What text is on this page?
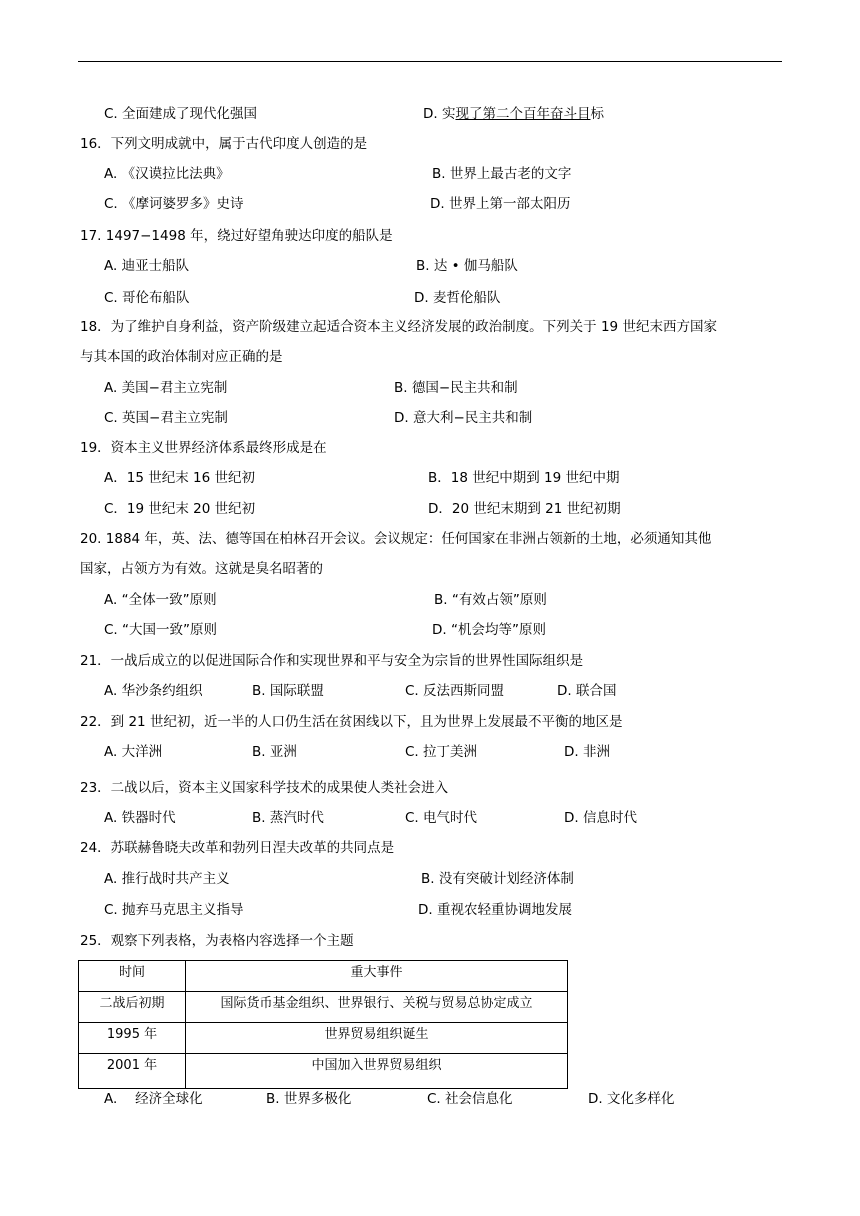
C. 全面建成了现代化强国	D. 实现了第二个百年奋斗目标
16．下列文明成就中，属于古代印度人创造的是
A. 《汉谟拉比法典》	B. 世界上最古老的文字
C. 《摩诃婆罗多》史诗	D. 世界上第一部太阳历
17. 1497−1498 年，绕过好望角驶达印度的船队是
A. 迪亚士船队	B. 达 • 伽马船队
C. 哥伦布船队	D. 麦哲伦船队
18．为了维护自身利益，资产阶级建立起适合资本主义经济发展的政治制度。下列关于 19 世纪末西方国家
与其本国的政治体制对应正确的是
A. 美国−君主立宪制	B. 德国−民主共和制
C. 英国−君主立宪制	D. 意大利−民主共和制
19．资本主义世界经济体系最终形成是在
A．15 世纪末 16 世纪初	B．18 世纪中期到 19 世纪中期
C．19 世纪末 20 世纪初	D．20 世纪末期到 21 世纪初期
20. 1884 年，英、法、德等国在柏林召开会议。会议规定：任何国家在非洲占领新的土地，必须通知其他
国家，占领方为有效。这就是臭名昭著的
A. “全体一致”原则	B. “有效占领”原则
C. “大国一致”原则	D. “机会均等”原则
21．一战后成立的以促进国际合作和实现世界和平与安全为宗旨的世界性国际组织是
A. 华沙条约组织	B. 国际联盟	C. 反法西斯同盟	D. 联合国
22．到 21 世纪初，近一半的人口仍生活在贫困线以下，且为世界上发展最不平衡的地区是
A. 大洋洲	B. 亚洲	C. 拉丁美洲	D. 非洲
23．二战以后，资本主义国家科学技术的成果使人类社会进入
A. 铁器时代	B. 蒸汽时代	C. 电气时代	D. 信息时代
24．苏联赫鲁晓夫改革和勃列日涅夫改革的共同点是
A. 推行战时共产主义	B. 没有突破计划经济体制
C. 抛弃马克思主义指导	D. 重视农轻重协调地发展
25．观察下列表格，为表格内容选择一个主题
时间	重大事件
二战后初期	国际货币基金组织、世界银行、关税与贸易总协定成立
1995 年	世界贸易组织诞生
2001 年	中国加入世界贸易组织
A.　 经济全球化	B. 世界多极化	C. 社会信息化	D. 文化多样化
